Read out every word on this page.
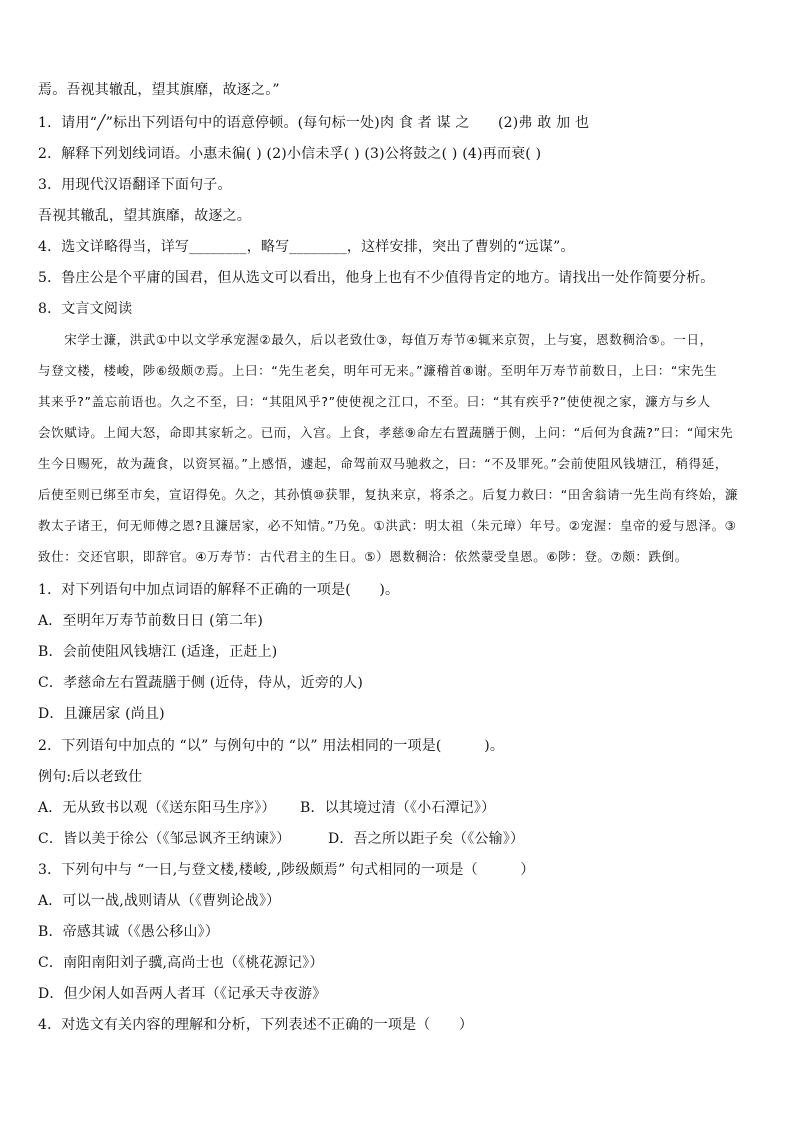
焉。吾视其辙乱，望其旗靡，故逐之。”
1．请用“╱”标出下列语句中的语意停顿。(每句标一处)肉 食 者 谋 之　　(2)弗 敢 加 也
2．解释下列划线词语。小惠未徧( ) (2)小信未孚( ) (3)公将鼓之( ) (4)再而衰( )
3．用现代汉语翻译下面句子。
吾视其辙乱，望其旗靡，故逐之。
4．选文详略得当，详写________，略写________，这样安排，突出了曹刿的“远谋”。
5．鲁庄公是个平庸的国君，但从选文可以看出，他身上也有不少值得肯定的地方。请找出一处作简要分析。
8．文言文阅读
　　宋学士濂，洪武①中以文学承宠渥②最久，后以老致仕③，每值万寿节④辄来京贺，上与宴，恩数稠洽⑤。一日，
与登文楼，楼峻，陟⑥级颇⑦焉。上曰：“先生老矣，明年可无来。”濂稽首⑧谢。至明年万寿节前数日，上曰：“宋先生
其来乎?”盖忘前语也。久之不至，曰：“其阻风乎?”使使视之江口，不至。曰：“其有疾乎?”使使视之家，濂方与乡人
会饮赋诗。上闻大怒，命即其家斩之。已而，入宫。上食，孝慈⑨命左右置蔬膳于侧，上问：“后何为食蔬?”曰：“闻宋先
生今日赐死，故为蔬食，以资冥福。”上感悟，遽起，命驾前双马驰救之，曰：“不及罪死。”会前使阻风钱塘江，稍得延，
后使至则已绑至市矣，宣诏得免。久之，其孙慎⑩获罪，复执来京，将杀之。后复力救曰：“田舍翁请一先生尚有终始，濂
教太子诸王，何无师傅之恩?且濂居家，必不知情。”乃免。①洪武：明太祖（朱元璋）年号。②宠渥：皇帝的爱与恩泽。③
致仕：交还官职，即辞官。④万寿节：古代君主的生日。⑤）恩数稠洽：依然蒙受皇恩。⑥陟：登。⑦颇：跌倒。
1．对下列语句中加点词语的解释不正确的一项是(　　)。
A．至明年万寿节前数日日 (第二年)
B．会前使阻风钱塘江 (适逢，正赶上)
C．孝慈命左右置蔬膳于侧 (近侍，侍从，近旁的人)
D．且濂居家 (尚且)
2．下列语句中加点的 “以” 与例句中的 “以” 用法相同的一项是(　　　)。
例句:后以老致仕
A．无从致书以观（《送东阳马生序》） B．以其境过清（《小石潭记》）
C．皆以美于徐公（《邹忌讽齐王纳谏》）	D．吾之所以距子矣（《公输》）
3．下列句中与 “一日,与登文楼,楼峻, ,陟级颇焉” 句式相同的一项是（　　　）
A．可以一战,战则请从（《曹刿论战》）
B．帝感其诚（《愚公移山》）
C．南阳南阳刘子骥,高尚士也（《桃花源记》）
D．但少闲人如吾两人者耳（《记承天寺夜游》
4．对选文有关内容的理解和分析，下列表述不正确的一项是（　　）
